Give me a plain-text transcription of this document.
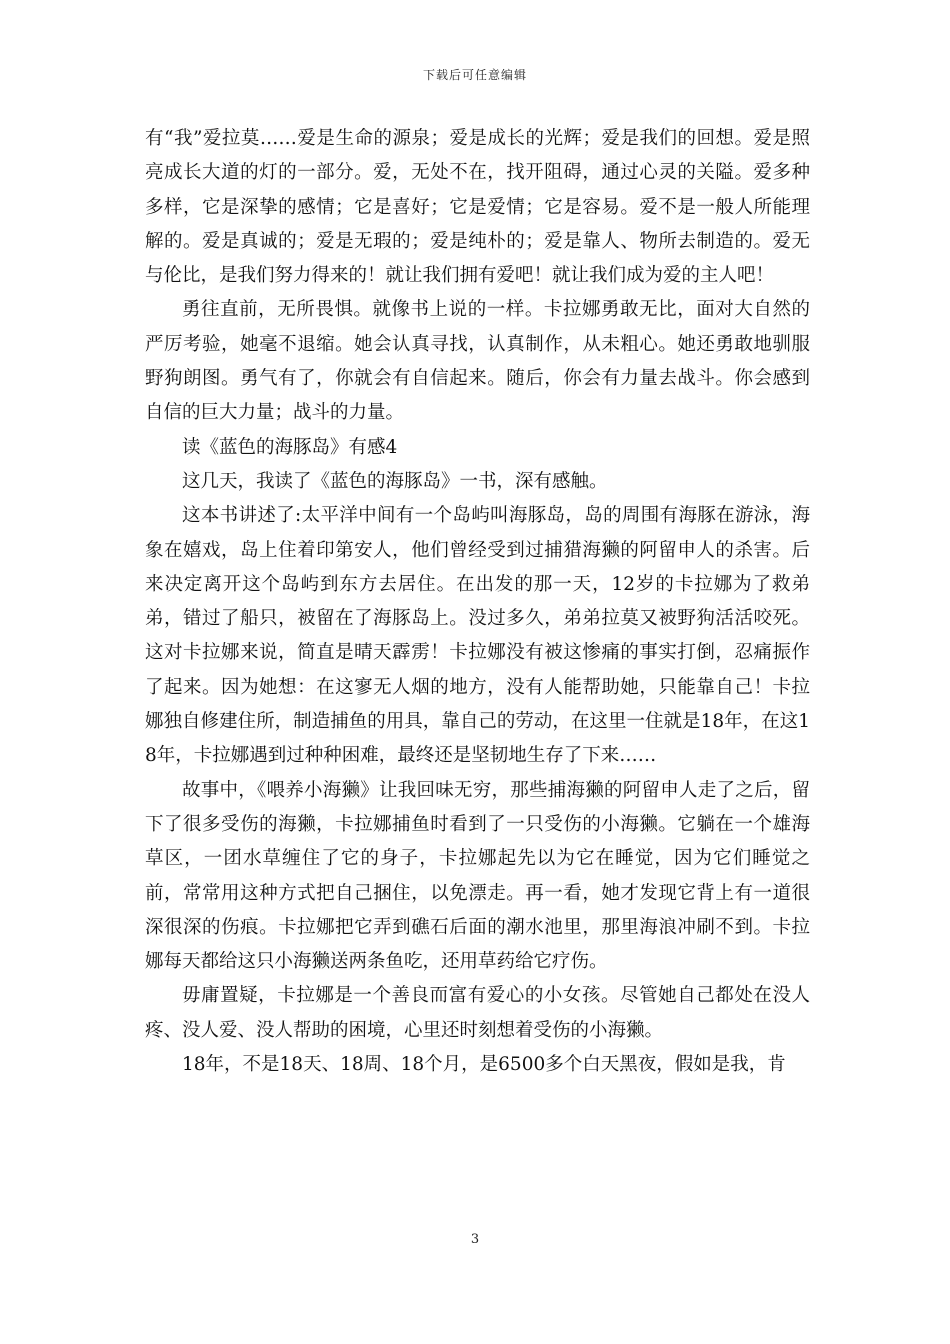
下载后可任意编辑

有“我”爱拉莫……爱是生命的源泉；爱是成长的光辉；爱是我们的回想。爱是照亮成长大道的灯的一部分。爱，无处不在，找开阻碍，通过心灵的关隘。爱多种多样，它是深挚的感情；它是喜好；它是爱情；它是容易。爱不是一般人所能理解的。爱是真诚的；爱是无瑕的；爱是纯朴的；爱是靠人、物所去制造的。爱无与伦比，是我们努力得来的！就让我们拥有爱吧！就让我们成为爱的主人吧！

勇往直前，无所畏惧。就像书上说的一样。卡拉娜勇敢无比，面对大自然的严厉考验，她毫不退缩。她会认真寻找，认真制作，从未粗心。她还勇敢地驯服野狗朗图。勇气有了，你就会有自信起来。随后，你会有力量去战斗。你会感到自信的巨大力量；战斗的力量。

读《蓝色的海豚岛》有感4

这几天，我读了《蓝色的海豚岛》一书，深有感触。

这本书讲述了:太平洋中间有一个岛屿叫海豚岛，岛的周围有海豚在游泳，海象在嬉戏，岛上住着印第安人，他们曾经受到过捕猎海獭的阿留申人的杀害。后来决定离开这个岛屿到东方去居住。在出发的那一天，12岁的卡拉娜为了救弟弟，错过了船只，被留在了海豚岛上。没过多久，弟弟拉莫又被野狗活活咬死。这对卡拉娜来说，简直是晴天霹雳！卡拉娜没有被这惨痛的事实打倒，忍痛振作了起来。因为她想：在这寥无人烟的地方，没有人能帮助她，只能靠自己！卡拉娜独自修建住所，制造捕鱼的用具，靠自己的劳动，在这里一住就是18年，在这18年，卡拉娜遇到过种种困难，最终还是坚韧地生存了下来……

故事中，《喂养小海獭》让我回味无穷，那些捕海獭的阿留申人走了之后，留下了很多受伤的海獭，卡拉娜捕鱼时看到了一只受伤的小海獭。它躺在一个雄海草区，一团水草缠住了它的身子，卡拉娜起先以为它在睡觉，因为它们睡觉之前，常常用这种方式把自己捆住，以免漂走。再一看，她才发现它背上有一道很深很深的伤痕。卡拉娜把它弄到礁石后面的潮水池里，那里海浪冲刷不到。卡拉娜每天都给这只小海獭送两条鱼吃，还用草药给它疗伤。

毋庸置疑，卡拉娜是一个善良而富有爱心的小女孩。尽管她自己都处在没人疼、没人爱、没人帮助的困境，心里还时刻想着受伤的小海獭。

18年，不是18天、18周、18个月，是6500多个白天黑夜，假如是我，肯

3
